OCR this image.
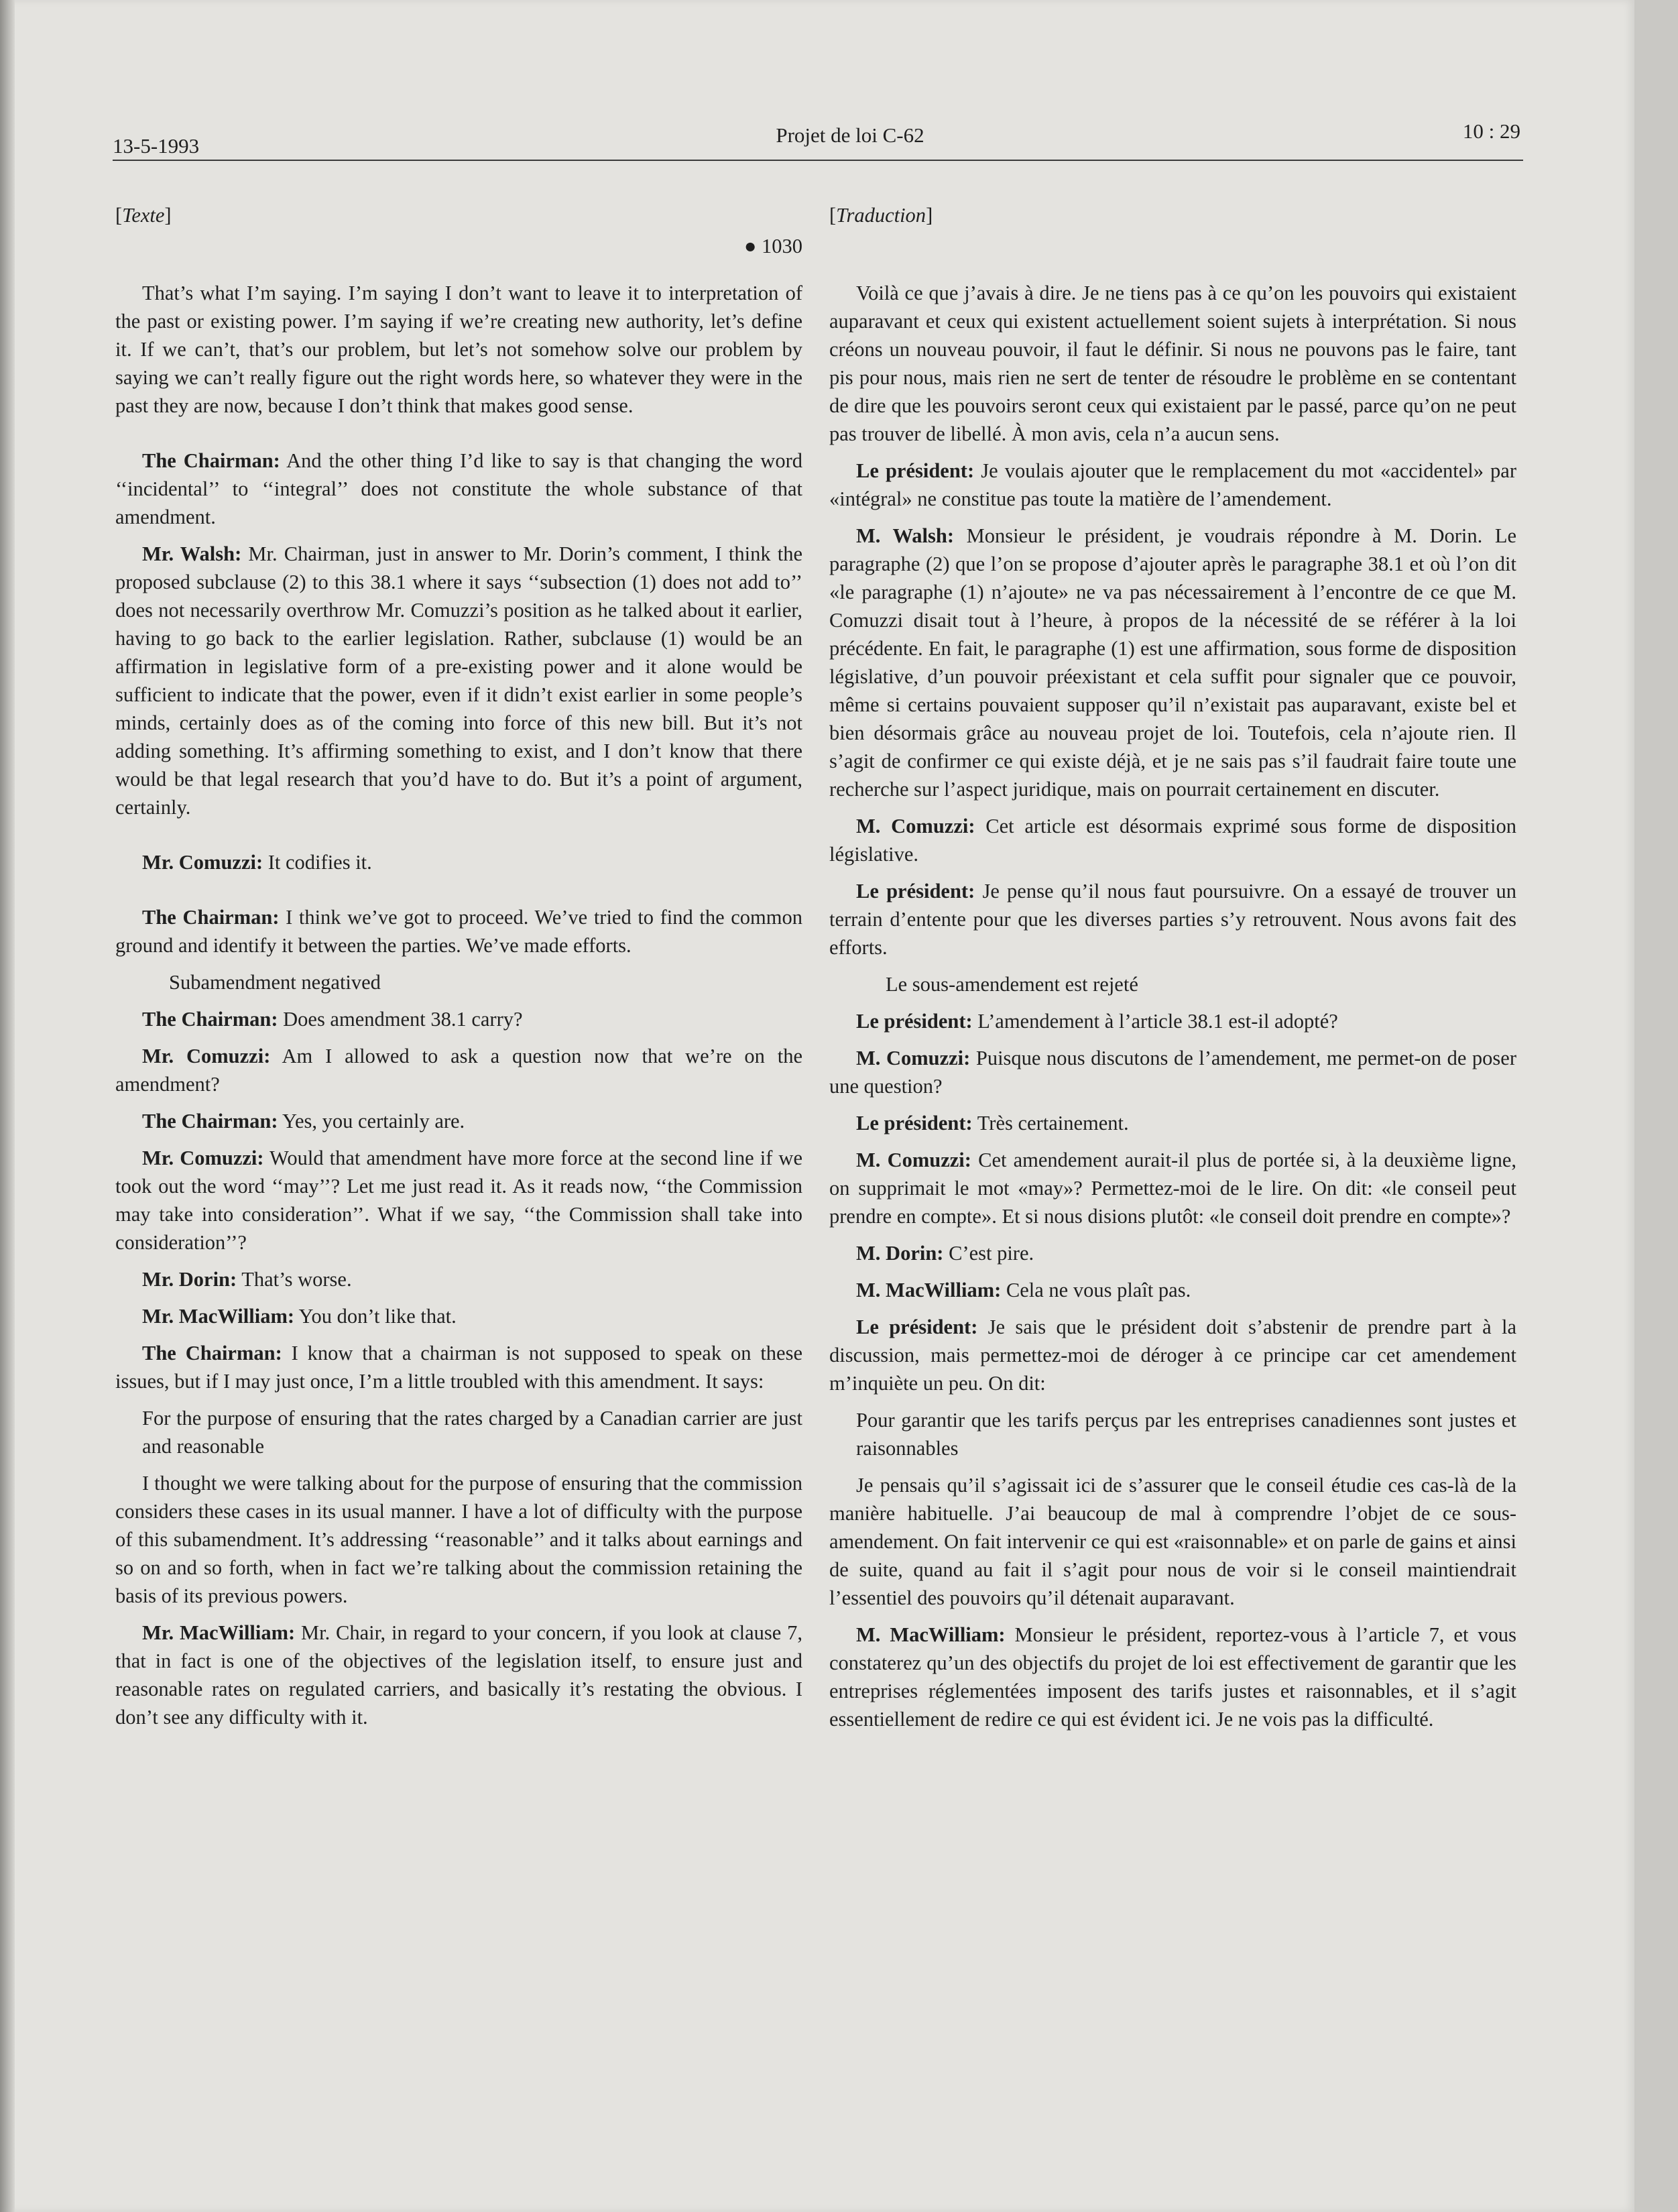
13-5-1993	Projet de loi C-62	10 : 29
[Texte]
● 1030

That’s what I’m saying. I’m saying I don’t want to leave it to interpretation of the past or existing power. I’m saying if we’re creating new authority, let’s define it. If we can’t, that’s our problem, but let’s not somehow solve our problem by saying we can’t really figure out the right words here, so whatever they were in the past they are now, because I don’t think that makes good sense.

The Chairman: And the other thing I’d like to say is that changing the word ‘‘incidental’’ to ‘‘integral’’ does not constitute the whole substance of that amendment.

Mr. Walsh: Mr. Chairman, just in answer to Mr. Dorin’s comment, I think the proposed subclause (2) to this 38.1 where it says ‘‘subsection (1) does not add to’’ does not necessarily overthrow Mr. Comuzzi’s position as he talked about it earlier, having to go back to the earlier legislation. Rather, subclause (1) would be an affirmation in legislative form of a pre-existing power and it alone would be sufficient to indicate that the power, even if it didn’t exist earlier in some people’s minds, certainly does as of the coming into force of this new bill. But it’s not adding something. It’s affirming something to exist, and I don’t know that there would be that legal research that you’d have to do. But it’s a point of argument, certainly.

Mr. Comuzzi: It codifies it.

The Chairman: I think we’ve got to proceed. We’ve tried to find the common ground and identify it between the parties. We’ve made efforts.

Subamendment negatived

The Chairman: Does amendment 38.1 carry?

Mr. Comuzzi: Am I allowed to ask a question now that we’re on the amendment?

The Chairman: Yes, you certainly are.

Mr. Comuzzi: Would that amendment have more force at the second line if we took out the word ‘‘may’’? Let me just read it. As it reads now, ‘‘the Commission may take into consideration’’. What if we say, ‘‘the Commission shall take into consideration’’?

Mr. Dorin: That’s worse.

Mr. MacWilliam: You don’t like that.

The Chairman: I know that a chairman is not supposed to speak on these issues, but if I may just once, I’m a little troubled with this amendment. It says:

For the purpose of ensuring that the rates charged by a Canadian carrier are just and reasonable

I thought we were talking about for the purpose of ensuring that the commission considers these cases in its usual manner. I have a lot of difficulty with the purpose of this subamendment. It’s addressing ‘‘reasonable’’ and it talks about earnings and so on and so forth, when in fact we’re talking about the commission retaining the basis of its previous powers.

Mr. MacWilliam: Mr. Chair, in regard to your concern, if you look at clause 7, that in fact is one of the objectives of the legislation itself, to ensure just and reasonable rates on regulated carriers, and basically it’s restating the obvious. I don’t see any difficulty with it.

[Traduction]

Voilà ce que j’avais à dire. Je ne tiens pas à ce qu’on les pouvoirs qui existaient auparavant et ceux qui existent actuellement soient sujets à interprétation. Si nous créons un nouveau pouvoir, il faut le définir. Si nous ne pouvons pas le faire, tant pis pour nous, mais rien ne sert de tenter de résoudre le problème en se contentant de dire que les pouvoirs seront ceux qui existaient par le passé, parce qu’on ne peut pas trouver de libellé. À mon avis, cela n’a aucun sens.

Le président: Je voulais ajouter que le remplacement du mot «accidentel» par «intégral» ne constitue pas toute la matière de l’amendement.

M. Walsh: Monsieur le président, je voudrais répondre à M. Dorin. Le paragraphe (2) que l’on se propose d’ajouter après le paragraphe 38.1 et où l’on dit «le paragraphe (1) n’ajoute» ne va pas nécessairement à l’encontre de ce que M. Comuzzi disait tout à l’heure, à propos de la nécessité de se référer à la loi précédente. En fait, le paragraphe (1) est une affirmation, sous forme de disposition législative, d’un pouvoir préexistant et cela suffit pour signaler que ce pouvoir, même si certains pouvaient supposer qu’il n’existait pas auparavant, existe bel et bien désormais grâce au nouveau projet de loi. Toutefois, cela n’ajoute rien. Il s’agit de confirmer ce qui existe déjà, et je ne sais pas s’il faudrait faire toute une recherche sur l’aspect juridique, mais on pourrait certainement en discuter.

M. Comuzzi: Cet article est désormais exprimé sous forme de disposition législative.

Le président: Je pense qu’il nous faut poursuivre. On a essayé de trouver un terrain d’entente pour que les diverses parties s’y retrouvent. Nous avons fait des efforts.

Le sous-amendement est rejeté

Le président: L’amendement à l’article 38.1 est-il adopté?

M. Comuzzi: Puisque nous discutons de l’amendement, me permet-on de poser une question?

Le président: Très certainement.

M. Comuzzi: Cet amendement aurait-il plus de portée si, à la deuxième ligne, on supprimait le mot «may»? Permettez-moi de le lire. On dit: «le conseil peut prendre en compte». Et si nous disions plutôt: «le conseil doit prendre en compte»?

M. Dorin: C’est pire.

M. MacWilliam: Cela ne vous plaît pas.

Le président: Je sais que le président doit s’abstenir de prendre part à la discussion, mais permettez-moi de déroger à ce principe car cet amendement m’inquiète un peu. On dit:

Pour garantir que les tarifs perçus par les entreprises canadiennes sont justes et raisonnables

Je pensais qu’il s’agissait ici de s’assurer que le conseil étudie ces cas-là de la manière habituelle. J’ai beaucoup de mal à comprendre l’objet de ce sous-amendement. On fait intervenir ce qui est «raisonnable» et on parle de gains et ainsi de suite, quand au fait il s’agit pour nous de voir si le conseil maintiendrait l’essentiel des pouvoirs qu’il détenait auparavant.

M. MacWilliam: Monsieur le président, reportez-vous à l’article 7, et vous constaterez qu’un des objectifs du projet de loi est effectivement de garantir que les entreprises réglementées imposent des tarifs justes et raisonnables, et il s’agit essentiellement de redire ce qui est évident ici. Je ne vois pas la difficulté.
